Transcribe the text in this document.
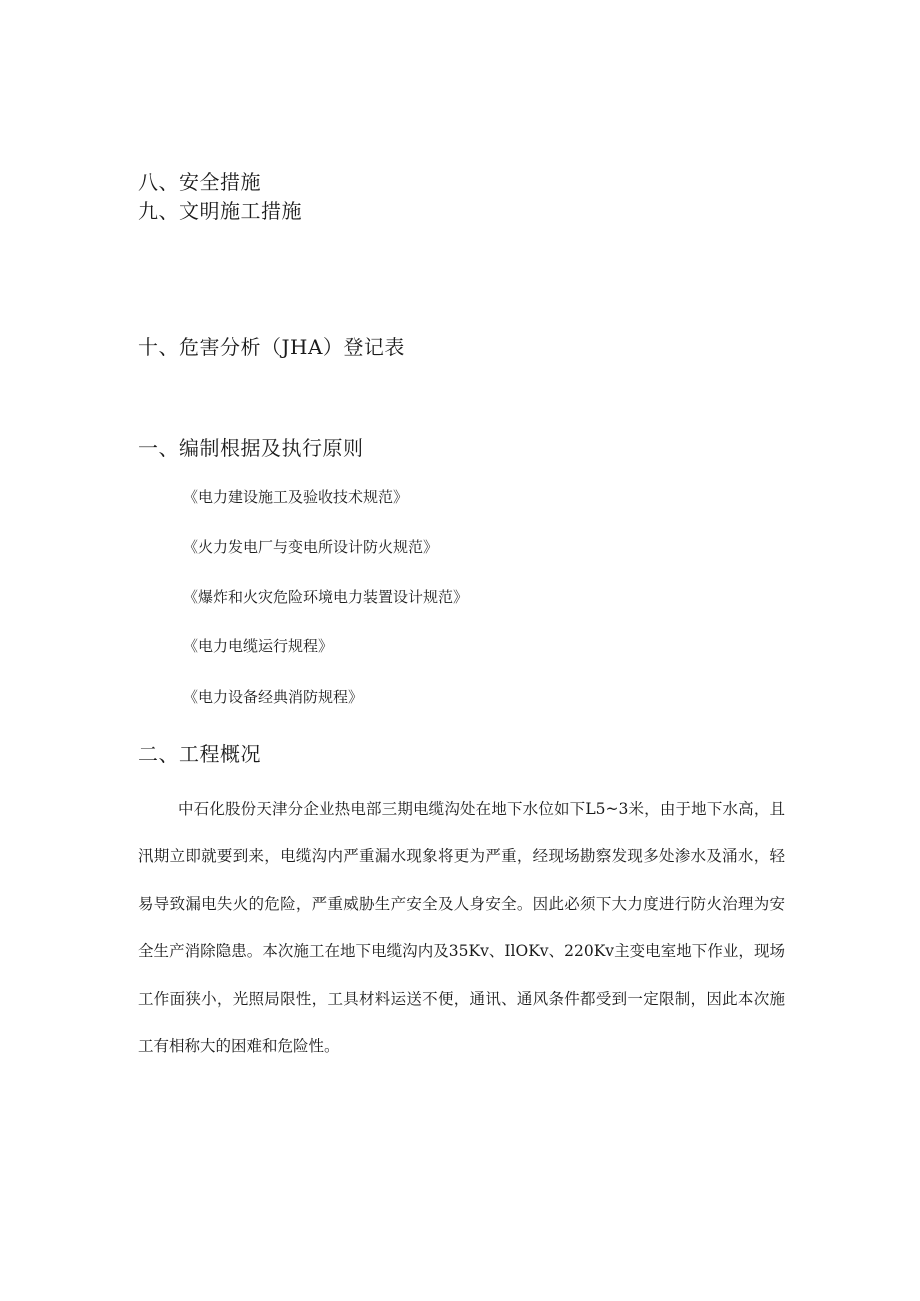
八、安全措施
九、文明施工措施
十、危害分析（JHA）登记表
一、编制根据及执行原则

《电力建设施工及验收技术规范》

《火力发电厂与变电所设计防火规范》

《爆炸和火灾危险环境电力装置设计规范》

《电力电缆运行规程》

《电力设备经典消防规程》

二、工程概况

中石化股份天津分企业热电部三期电缆沟处在地下水位如下L5~3米，由于地下水高，且汛期立即就要到来，电缆沟内严重漏水现象将更为严重，经现场勘察发现多处渗水及涌水，轻易导致漏电失火的危险，严重威胁生产安全及人身安全。因此必须下大力度进行防火治理为安全生产消除隐患。本次施工在地下电缆沟内及35Kv、IlOKv、220Kv主变电室地下作业，现场工作面狭小，光照局限性，工具材料运送不便，通讯、通风条件都受到一定限制，因此本次施工有相称大的困难和危险性。
